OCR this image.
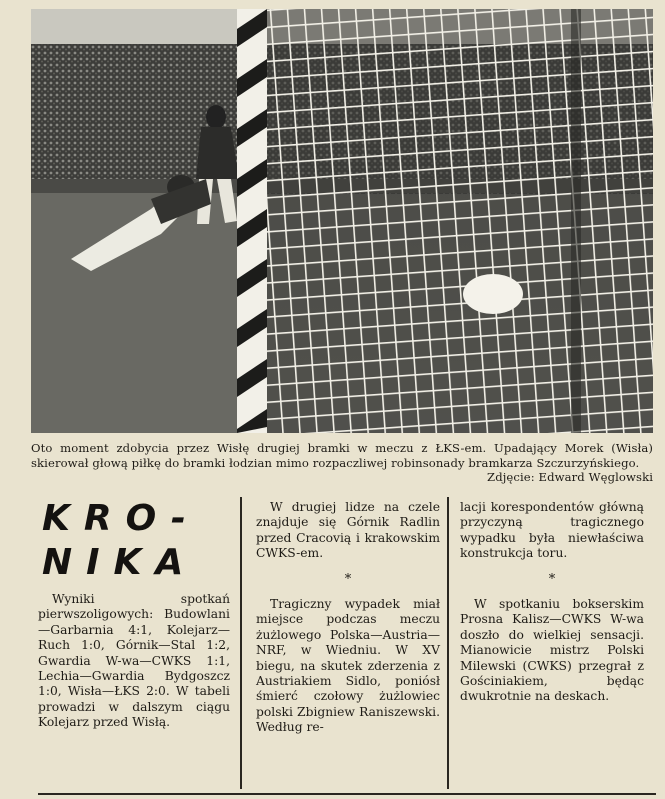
Oto moment zdobycia przez Wisłę drugiej bramki w meczu z ŁKS-em. Upadający Morek (Wisła) skierował głową piłkę do bramki łodzian mimo rozpaczliwej robinsonady bramkarza Szczurzyńskiego.
Zdjęcie: Edward Węglowski
KRO-
NIKA

Wyniki spotkań pierwszoligowych: Budowlani—Garbarnia 4:1, Kolejarz—Ruch 1:0, Górnik—Stal 1:2, Gwardia W-wa—CWKS 1:1, Lechia—Gwardia Bydgoszcz 1:0, Wisła—ŁKS 2:0. W tabeli prowadzi w dalszym ciągu Kolejarz przed Wisłą.

W drugiej lidze na czele znajduje się Górnik Radlin przed Cracovią i krakowskim CWKS-em.

*

Tragiczny wypadek miał miejsce podczas meczu żużlowego Polska—Austria—NRF, w Wiedniu. W XV biegu, na skutek zderzenia z Austriakiem Sidlo, poniósł śmierć czołowy żużlowiec polski Zbigniew Raniszewski. Według re-

lacji korespondentów główną przyczyną tragicznego wypadku była niewłaściwa konstrukcja toru.

*

W spotkaniu bokserskim Prosna Kalisz—CWKS W-wa doszło do wielkiej sensacji. Mianowicie mistrz Polski Milewski (CWKS) przegrał z Gościniakiem, będąc dwukrotnie na deskach.
